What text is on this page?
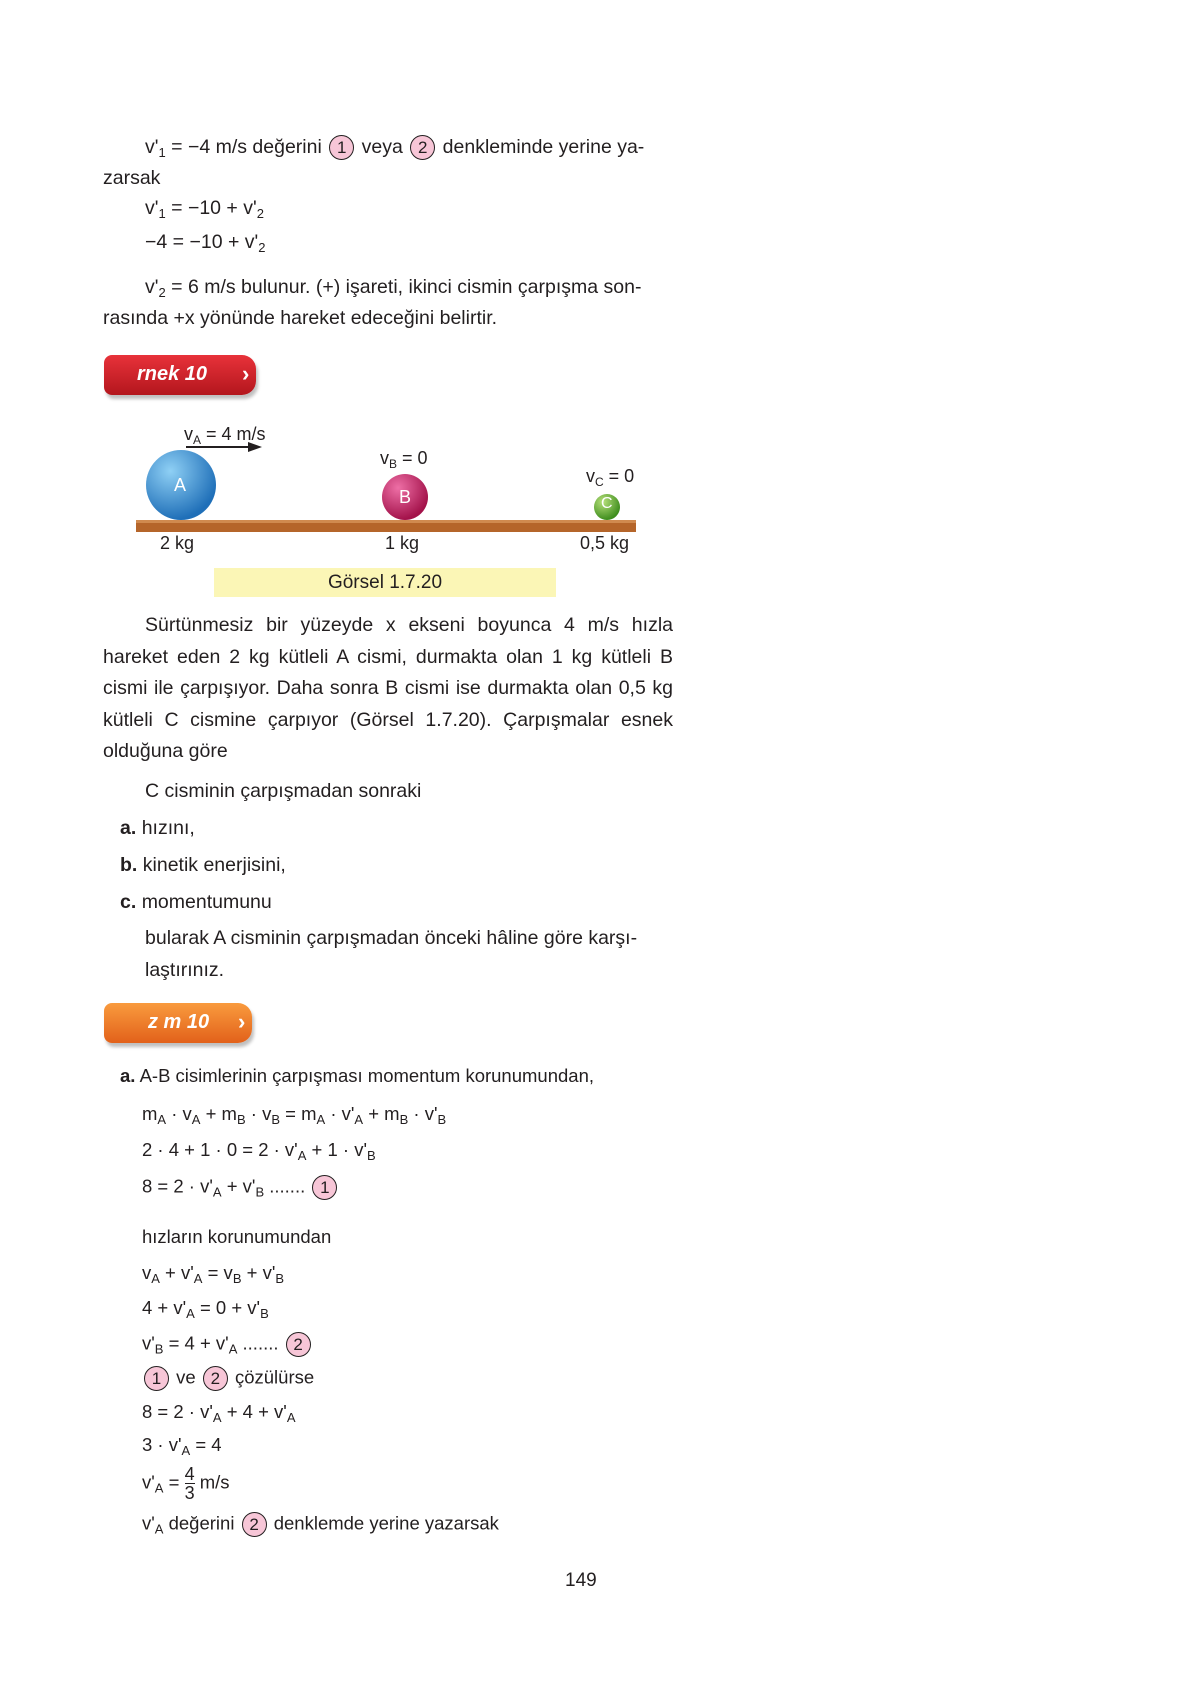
$v'_1 = -4$ m/s değerini 1 veya 2 denkleminde yerine ya-
zarsak
$v'_1 = -10 + v'_2$
$-4 = -10 + v'_2$
$v'_2 = 6$ m/s bulunur. (+) işareti, ikinci cismin çarpışma son-
rasında +x yönünde hareket edeceğini belirtir.
rnek 10 ›
A
B	C
$v_A = 4$ m/s
$v_B = 0$
$v_C = 0$
2 kg	1 kg	0,5 kg
Görsel 1.7.20
Sürtünmesiz bir yüzeyde x ekseni boyunca 4 m/s hızla hareket eden 2 kg kütleli A cismi, durmakta olan 1 kg kütleli B cismi ile çarpışıyor. Daha sonra B cismi ise durmakta olan 0,5 kg kütleli C cismine çarpıyor (Görsel 1.7.20). Çarpışmalar esnek olduğuna göre
C cisminin çarpışmadan sonraki
a. hızını,
b. kinetik enerjisini,
c. momentumunu
bularak A cisminin çarpışmadan önceki hâline göre karşı-
laştırınız.
z m 10 ›
a. A-B cisimlerinin çarpışması momentum korunumundan,
$m_A \cdot v_A + m_B \cdot v_B = m_A \cdot v'_A + m_B \cdot v'_B$
$2 \cdot 4 + 1 \cdot 0 = 2 \cdot v'_A + 1 \cdot v'_B$
$8 = 2 \cdot v'_A + v'_B$ ....... 1
hızların korunumundan
$v_A + v'_A = v_B + v'_B$
$4 + v'_A = 0 + v'_B$
$v'_B = 4 + v'_A$ ....... 2
1 ve 2 çözülürse
$8 = 2 \cdot v'_A + 4 + v'_A$
$3 \cdot v'_A = 4$
$v'_A = \frac{4}{3} m/s$
$v'_A$ değerini 2 denklemde yerine yazarsak
149
